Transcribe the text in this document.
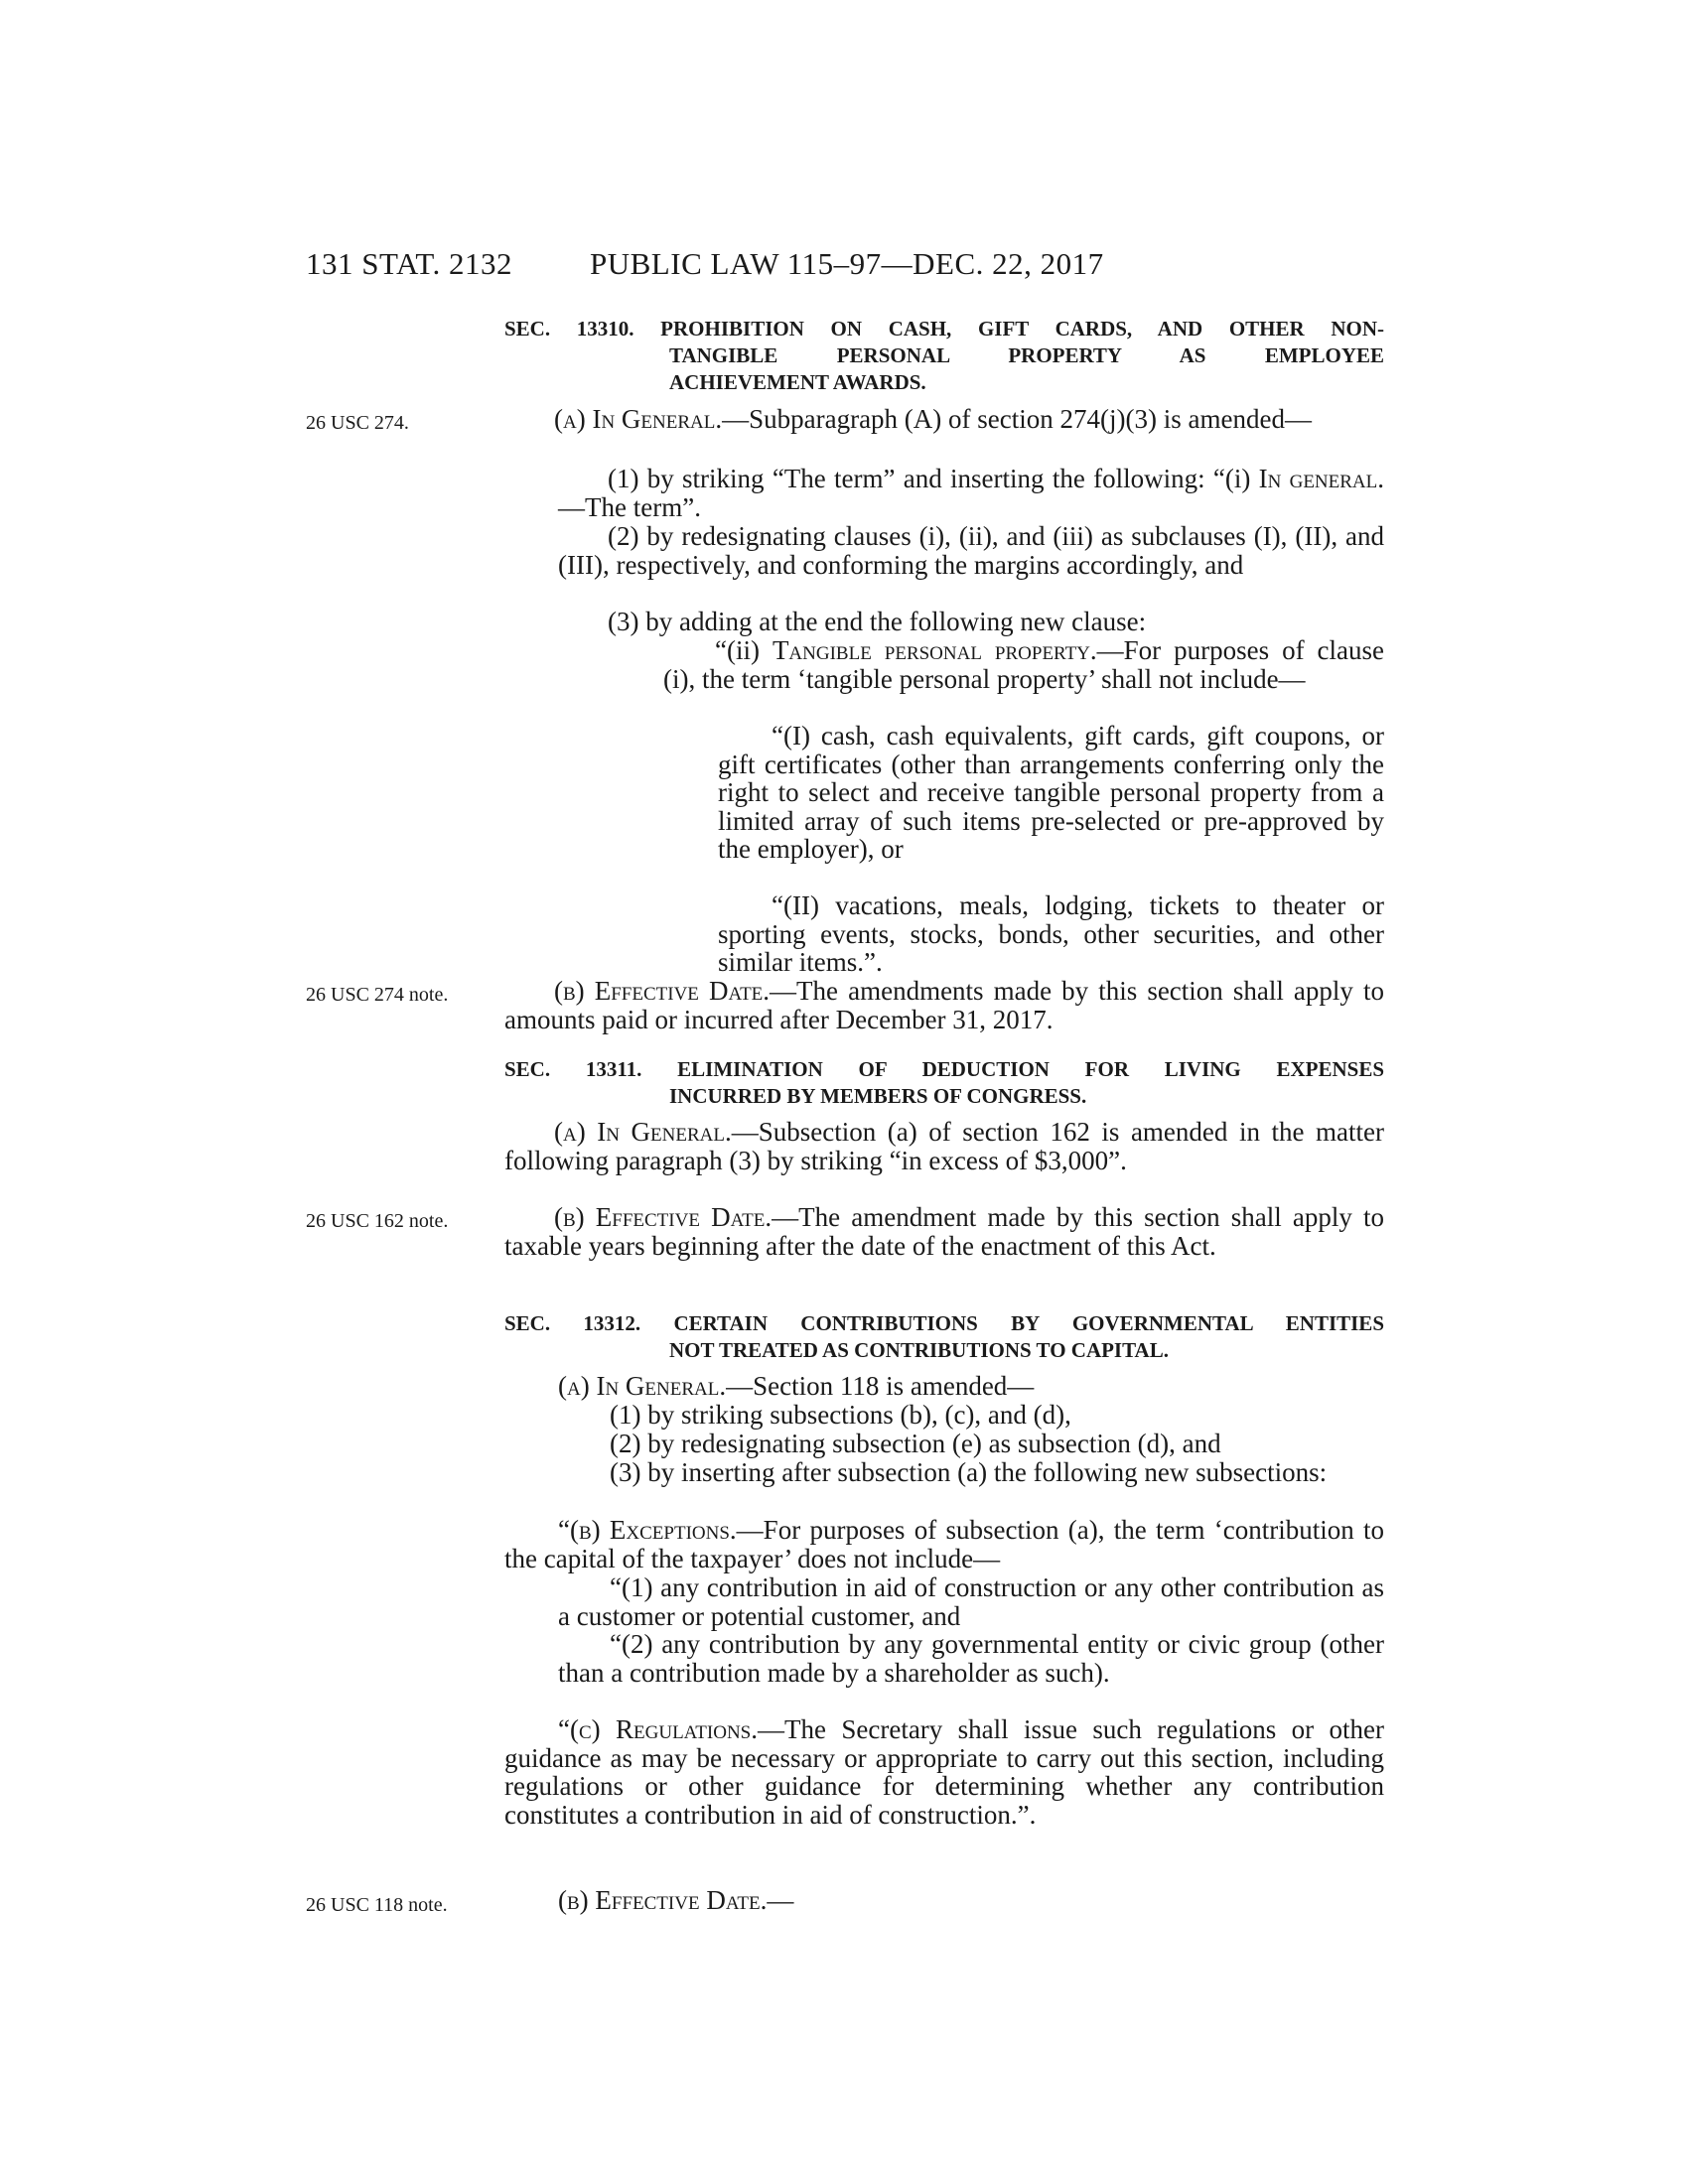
131 STAT. 2132	PUBLIC LAW 115–97—DEC. 22, 2017
SEC. 13310. PROHIBITION ON CASH, GIFT CARDS, AND OTHER NON-
TANGIBLE PERSONAL PROPERTY AS EMPLOYEE
ACHIEVEMENT AWARDS.
26 USC 274.	(a) In General.—Subparagraph (A) of section 274(j)(3) is amended—
(1) by striking “The term” and inserting the following: “(i) In general.—The term”.
(2) by redesignating clauses (i), (ii), and (iii) as subclauses (I), (II), and (III), respectively, and conforming the margins accordingly, and
(3) by adding at the end the following new clause:
“(ii) Tangible personal property.—For purposes of clause (i), the term ‘tangible personal property’ shall not include—
“(I) cash, cash equivalents, gift cards, gift coupons, or gift certificates (other than arrangements conferring only the right to select and receive tangible personal property from a limited array of such items pre-selected or pre-approved by the employer), or
“(II) vacations, meals, lodging, tickets to theater or sporting events, stocks, bonds, other securities, and other similar items.”.
26 USC 274 note.	(b) Effective Date.—The amendments made by this section shall apply to amounts paid or incurred after December 31, 2017.
SEC. 13311. ELIMINATION OF DEDUCTION FOR LIVING EXPENSES
INCURRED BY MEMBERS OF CONGRESS.
(a) In General.—Subsection (a) of section 162 is amended in the matter following paragraph (3) by striking “in excess of $3,000”.
26 USC 162 note.	(b) Effective Date.—The amendment made by this section shall apply to taxable years beginning after the date of the enactment of this Act.
SEC. 13312. CERTAIN CONTRIBUTIONS BY GOVERNMENTAL ENTITIES
NOT TREATED AS CONTRIBUTIONS TO CAPITAL.
(a) In General.—Section 118 is amended—
(1) by striking subsections (b), (c), and (d),
(2) by redesignating subsection (e) as subsection (d), and
(3) by inserting after subsection (a) the following new subsections:
“(b) Exceptions.—For purposes of subsection (a), the term ‘contribution to the capital of the taxpayer’ does not include—
“(1) any contribution in aid of construction or any other contribution as a customer or potential customer, and
“(2) any contribution by any governmental entity or civic group (other than a contribution made by a shareholder as such).
“(c) Regulations.—The Secretary shall issue such regulations or other guidance as may be necessary or appropriate to carry out this section, including regulations or other guidance for determining whether any contribution constitutes a contribution in aid of construction.”.
26 USC 118 note.	(b) Effective Date.—
